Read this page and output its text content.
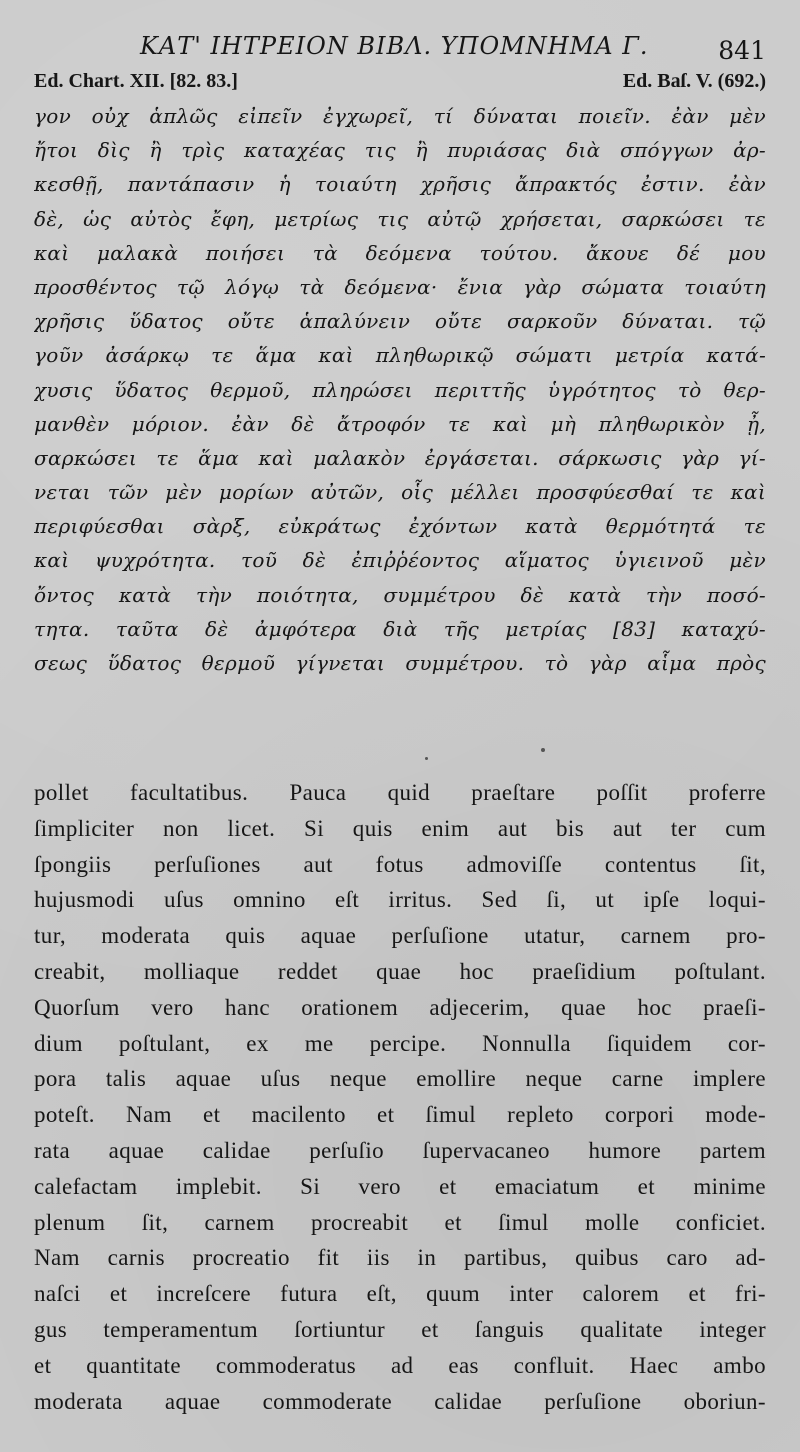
ΚΑΤ' ΙΗΤΡΕΙΟΝ ΒΙΒΛ. ΥΠΟΜΝΗΜΑ Γ.	841
Ed. Chart. XII. [82. 83.]	Ed. Baſ. V. (692.)
γον οὐχ ἁπλῶς εἰπεῖν ἐγχωρεῖ, τί δύναται ποιεῖν. ἐὰν μὲν
ἤτοι δὶς ἢ τρὶς καταχέας τις ἢ πυριάσας διὰ σπόγγων ἀρ-
κεσθῇ, παντάπασιν ἡ τοιαύτη χρῆσις ἄπρακτός ἐστιν. ἐὰν
δὲ, ὡς αὐτὸς ἔφη, μετρίως τις αὐτῷ χρήσεται, σαρκώσει τε
καὶ μαλακὰ ποιήσει τὰ δεόμενα τούτου. ἄκουε δέ μου
προσθέντος τῷ λόγῳ τὰ δεόμενα· ἔνια γὰρ σώματα τοιαύτη
χρῆσις ὕδατος οὔτε ἁπαλύνειν οὔτε σαρκοῦν δύναται. τῷ
γοῦν ἀσάρκῳ τε ἅμα καὶ πληθωρικῷ σώματι μετρία κατά-
χυσις ὕδατος θερμοῦ, πληρώσει περιττῆς ὑγρότητος τὸ θερ-
μανθὲν μόριον. ἐὰν δὲ ἄτροφόν τε καὶ μὴ πληθωρικὸν ᾖ,
σαρκώσει τε ἅμα καὶ μαλακὸν ἐργάσεται. σάρκωσις γὰρ γί-
νεται τῶν μὲν μορίων αὐτῶν, οἷς μέλλει προσφύεσθαί τε καὶ
περιφύεσθαι σὰρξ, εὐκράτως ἐχόντων κατὰ θερμότητά τε
καὶ ψυχρότητα. τοῦ δὲ ἐπιῤῥέοντος αἵματος ὑγιεινοῦ μὲν
ὄντος κατὰ τὴν ποιότητα, συμμέτρου δὲ κατὰ τὴν ποσό-
τητα. ταῦτα δὲ ἀμφότερα διὰ τῆς μετρίας [83] καταχύ-
σεως ὕδατος θερμοῦ γίγνεται συμμέτρου. τὸ γὰρ αἷμα πρὸς
pollet facultatibus. Pauca quid praeſtare poſſit proferre
ſimpliciter non licet. Si quis enim aut bis aut ter cum
ſpongiis perſuſiones aut fotus admoviſſe contentus ſit,
hujusmodi uſus omnino eſt irritus. Sed ſi, ut ipſe loqui-
tur, moderata quis aquae perſuſione utatur, carnem pro-
creabit, molliaque reddet quae hoc praeſidium poſtulant.
Quorſum vero hanc orationem adjecerim, quae hoc praeſi-
dium poſtulant, ex me percipe. Nonnulla ſiquidem cor-
pora talis aquae uſus neque emollire neque carne implere
poteſt. Nam et macilento et ſimul repleto corpori mode-
rata aquae calidae perſuſio ſupervacaneo humore partem
calefactam implebit. Si vero et emaciatum et minime
plenum ſit, carnem procreabit et ſimul molle conficiet.
Nam carnis procreatio fit iis in partibus, quibus caro ad-
naſci et increſcere futura eſt, quum inter calorem et fri-
gus temperamentum ſortiuntur et ſanguis qualitate integer
et quantitate commoderatus ad eas confluit. Haec ambo
moderata aquae commoderate calidae perſuſione oboriun-
